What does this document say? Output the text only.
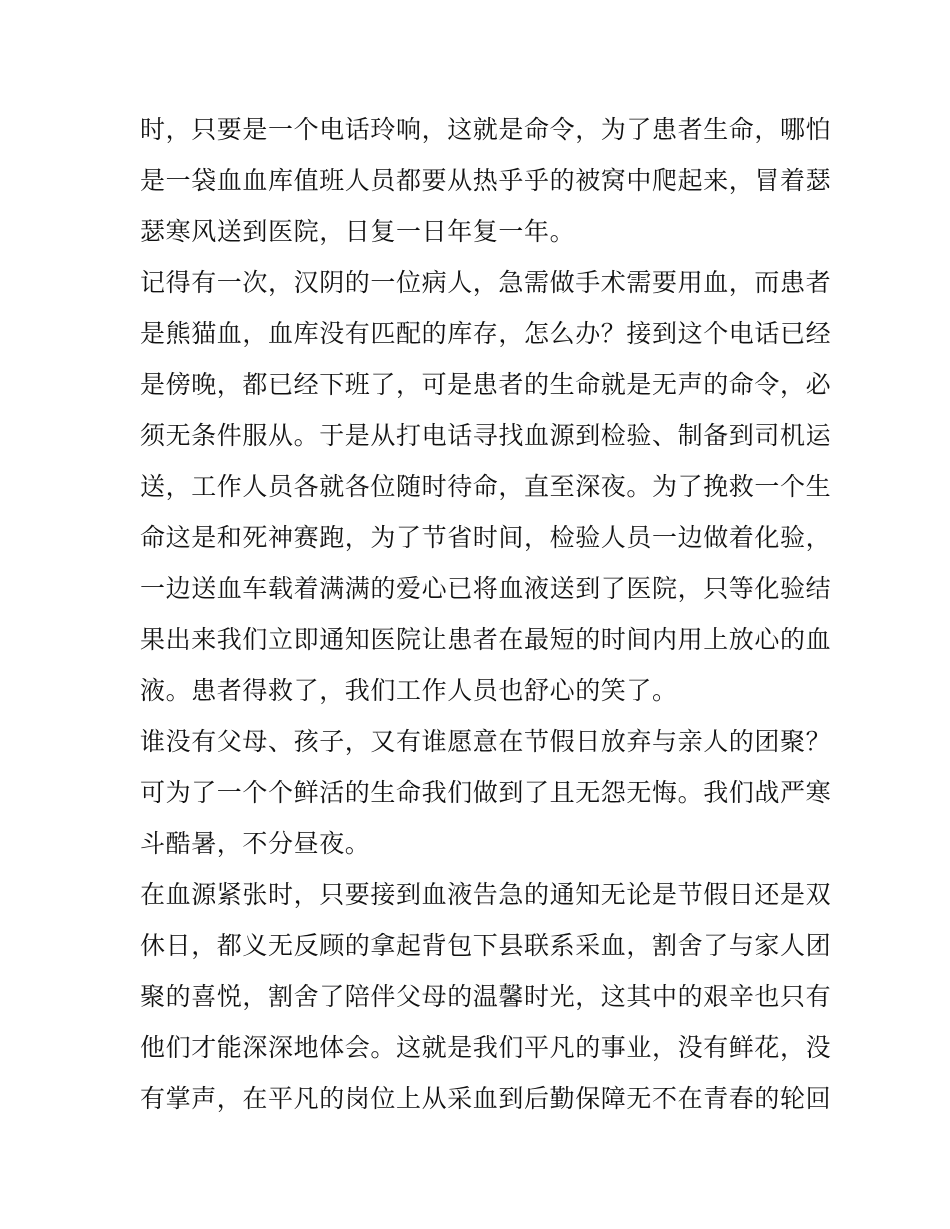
时，只要是一个电话玲响，这就是命令，为了患者生命，哪怕
是一袋血血库值班人员都要从热乎乎的被窝中爬起来，冒着瑟
瑟寒风送到医院，日复一日年复一年。
记得有一次，汉阴的一位病人，急需做手术需要用血，而患者
是熊猫血，血库没有匹配的库存，怎么办？接到这个电话已经
是傍晚，都已经下班了，可是患者的生命就是无声的命令，必
须无条件服从。于是从打电话寻找血源到检验、制备到司机运
送，工作人员各就各位随时待命，直至深夜。为了挽救一个生
命这是和死神赛跑，为了节省时间，检验人员一边做着化验，
一边送血车载着满满的爱心已将血液送到了医院，只等化验结
果出来我们立即通知医院让患者在最短的时间内用上放心的血
液。患者得救了，我们工作人员也舒心的笑了。
谁没有父母、孩子，又有谁愿意在节假日放弃与亲人的团聚？
可为了一个个鲜活的生命我们做到了且无怨无悔。我们战严寒
斗酷暑，不分昼夜。
在血源紧张时，只要接到血液告急的通知无论是节假日还是双
休日，都义无反顾的拿起背包下县联系采血，割舍了与家人团
聚的喜悦，割舍了陪伴父母的温馨时光，这其中的艰辛也只有
他们才能深深地体会。这就是我们平凡的事业，没有鲜花，没
有掌声，在平凡的岗位上从采血到后勤保障无不在青春的轮回
